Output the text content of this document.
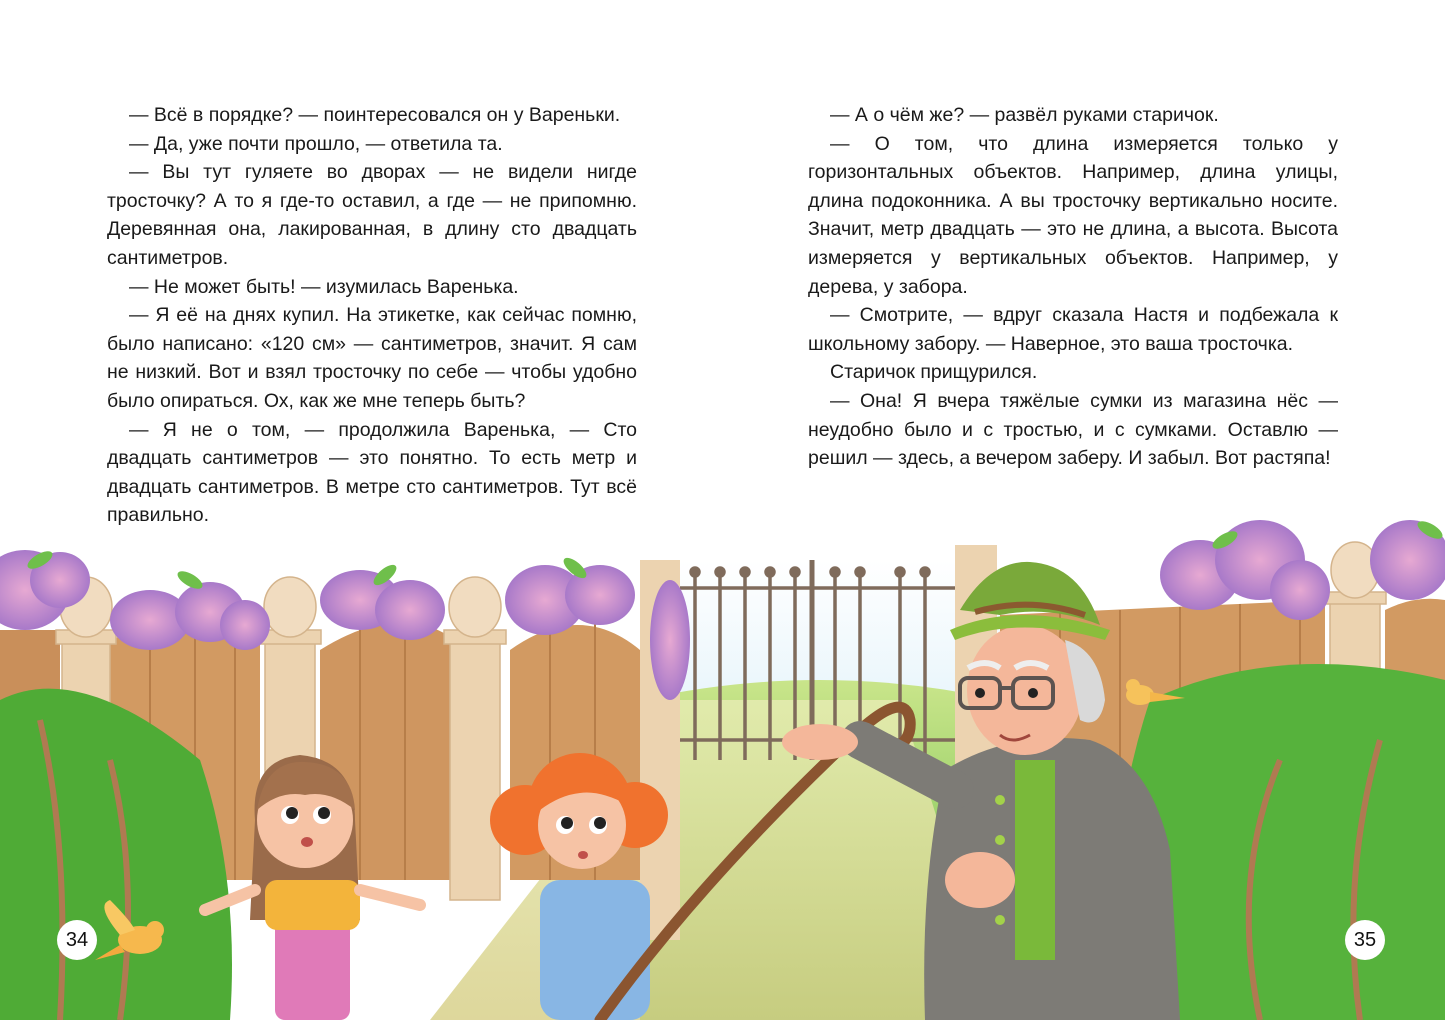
— Всё в порядке? — поинтересовался он у Вареньки.

— Да, уже почти прошло, — ответила та.

— Вы тут гуляете во дворах — не видели нигде тросточку? А то я где-то оставил, а где — не припомню. Деревянная она, лакированная, в длину сто двадцать сантиметров.

— Не может быть! — изумилась Варенька.

— Я её на днях купил. На этикетке, как сейчас помню, было написано: «120 см» — сантиметров, значит. Я сам не низкий. Вот и взял тросточку по себе — чтобы удобно было опираться. Ох, как же мне теперь быть?

— Я не о том, — продолжила Варенька, — Сто двадцать сантиметров — это понятно. То есть метр и двадцать сантиметров. В метре сто сантиметров. Тут всё правильно.

— А о чём же? — развёл руками старичок.

— О том, что длина измеряется только у горизонтальных объектов. Например, длина улицы, длина подоконника. А вы тросточку вертикально носите. Значит, метр двадцать — это не длина, а высота. Высота измеряется у вертикальных объектов. Например, у дерева, у забора.

— Смотрите, — вдруг сказала Настя и подбежала к школьному забору. — Наверное, это ваша тросточка.

Старичок прищурился.

— Она! Я вчера тяжёлые сумки из магазина нёс — неудобно было и с тростью, и с сумками. Оставлю — решил — здесь, а вечером заберу. И забыл. Вот растяпа!

34	35
